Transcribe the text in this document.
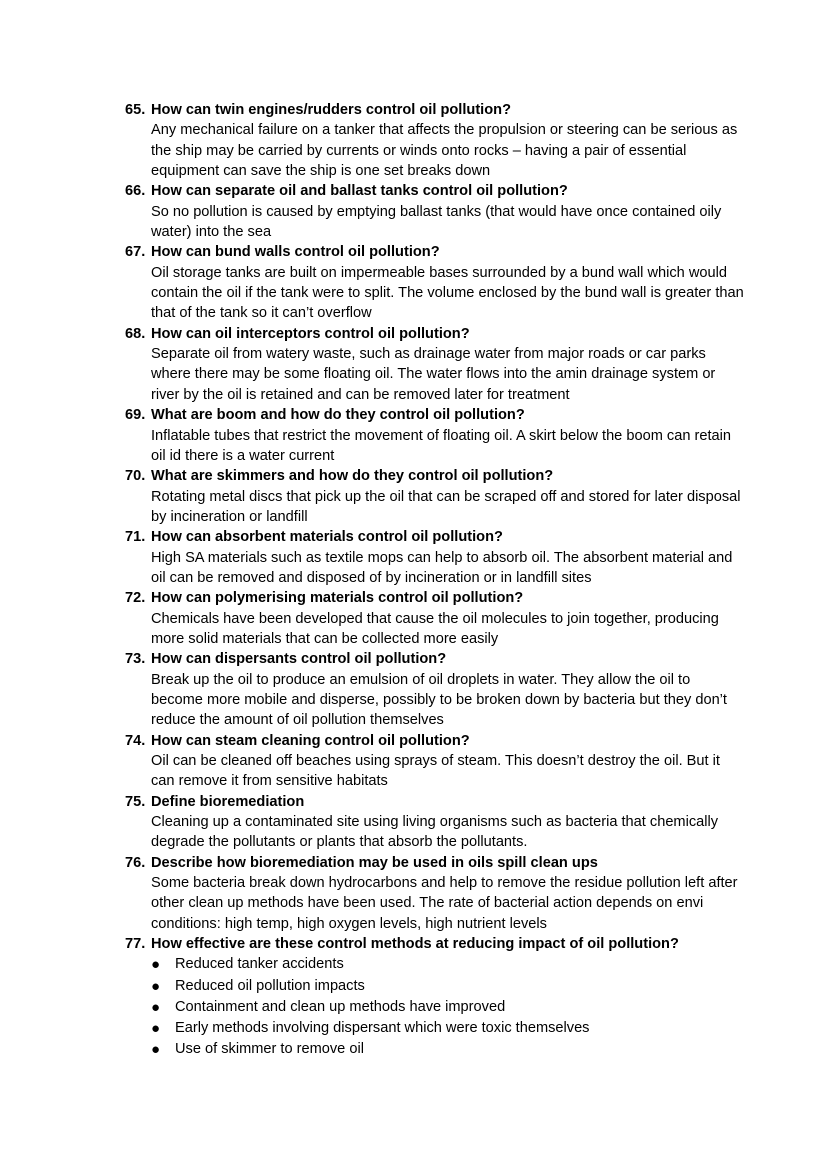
65. How can twin engines/rudders control oil pollution?
Any mechanical failure on a tanker that affects the propulsion or steering can be serious as the ship may be carried by currents or winds onto rocks – having a pair of essential equipment can save the ship is one set breaks down
66. How can separate oil and ballast tanks control oil pollution?
So no pollution is caused by emptying ballast tanks (that would have once contained oily water) into the sea
67. How can bund walls control oil pollution?
Oil storage tanks are built on impermeable bases surrounded by a bund wall which would contain the oil if the tank were to split. The volume enclosed by the bund wall is greater than that of the tank so it can’t overflow
68. How can oil interceptors control oil pollution?
Separate oil from watery waste, such as drainage water from major roads or car parks where there may be some floating oil. The water flows into the amin drainage system or river by the oil is retained and can be removed later for treatment
69. What are boom and how do they control oil pollution?
Inflatable tubes that restrict the movement of floating oil. A skirt below the boom can retain oil id there is a water current
70. What are skimmers and how do they control oil pollution?
Rotating metal discs that pick up the oil that can be scraped off and stored for later disposal by incineration or landfill
71. How can absorbent materials control oil pollution?
High SA materials such as textile mops can help to absorb oil. The absorbent material and oil can be removed and disposed of by incineration or in landfill sites
72. How can polymerising materials control oil pollution?
Chemicals have been developed that cause the oil molecules to join together, producing more solid materials that can be collected more easily
73. How can dispersants control oil pollution?
Break up the oil to produce an emulsion of oil droplets in water. They allow the oil to become more mobile and disperse, possibly to be broken down by bacteria but they don’t reduce the amount of oil pollution themselves
74. How can steam cleaning control oil pollution?
Oil can be cleaned off beaches using sprays of steam. This doesn’t destroy the oil. But it can remove it from sensitive habitats
75. Define bioremediation
Cleaning up a contaminated site using living organisms such as bacteria that chemically degrade the pollutants or plants that absorb the pollutants.
76. Describe how bioremediation may be used in oils spill clean ups
Some bacteria break down hydrocarbons and help to remove the residue pollution left after other clean up methods have been used. The rate of bacterial action depends on envi conditions: high temp, high oxygen levels, high nutrient levels
77. How effective are these control methods at reducing impact of oil pollution?
●	Reduced tanker accidents
●	Reduced oil pollution impacts
●	Containment and clean up methods have improved
●	Early methods involving dispersant which were toxic themselves
●	Use of skimmer to remove oil
